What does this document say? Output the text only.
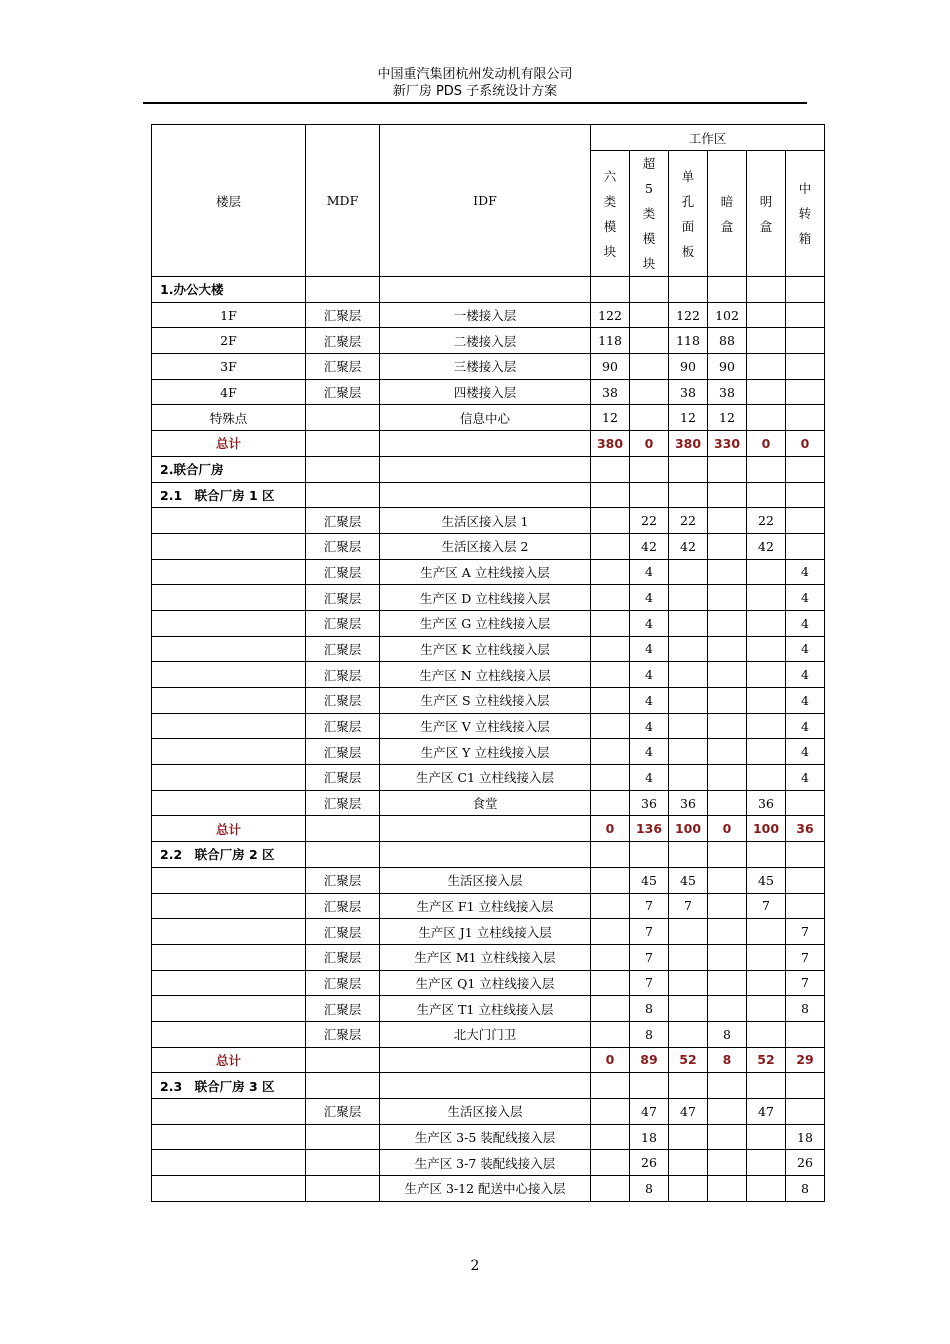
中国重汽集团杭州发动机有限公司
新厂房 PDS 子系统设计方案
楼层	MDF	IDF	工作区					

			六
类
模
块	超
5
类
模
块	单
孔
面
板	暗
盒	明
盒	中
转
箱

1.办公大楼								
1F	汇聚层	一楼接入层	122		122	102		
2F	汇聚层	二楼接入层	118		118	88		
3F	汇聚层	三楼接入层	90		90	90		
4F	汇聚层	四楼接入层	38		38	38		
特殊点		信息中心	12		12	12		
总计			380	0	380	330	0	0
2.联合厂房								
2.1　联合厂房 1 区								
	汇聚层	生活区接入层 1		22	22		22	
	汇聚层	生活区接入层 2		42	42		42	
	汇聚层	生产区 A 立柱线接入层		4				4
	汇聚层	生产区 D 立柱线接入层		4				4
	汇聚层	生产区 G 立柱线接入层		4				4
	汇聚层	生产区 K 立柱线接入层		4				4
	汇聚层	生产区 N 立柱线接入层		4				4
	汇聚层	生产区 S 立柱线接入层		4				4
	汇聚层	生产区 V 立柱线接入层		4				4
	汇聚层	生产区 Y 立柱线接入层		4				4
	汇聚层	生产区 C1 立柱线接入层		4				4
	汇聚层	食堂		36	36		36	
总计			0	136	100	0	100	36
2.2　联合厂房 2 区								
	汇聚层	生活区接入层		45	45		45	
	汇聚层	生产区 F1 立柱线接入层		7	7		7	
	汇聚层	生产区 J1 立柱线接入层		7				7
	汇聚层	生产区 M1 立柱线接入层		7				7
	汇聚层	生产区 Q1 立柱线接入层		7				7
	汇聚层	生产区 T1 立柱线接入层		8				8
	汇聚层	北大门门卫		8		8		
总计			0	89	52	8	52	29
2.3　联合厂房 3 区								
	汇聚层	生活区接入层		47	47		47	
		生产区 3-5 装配线接入层		18				18
		生产区 3-7 装配线接入层		26				26
		生产区 3-12 配送中心接入层		8				8
2
